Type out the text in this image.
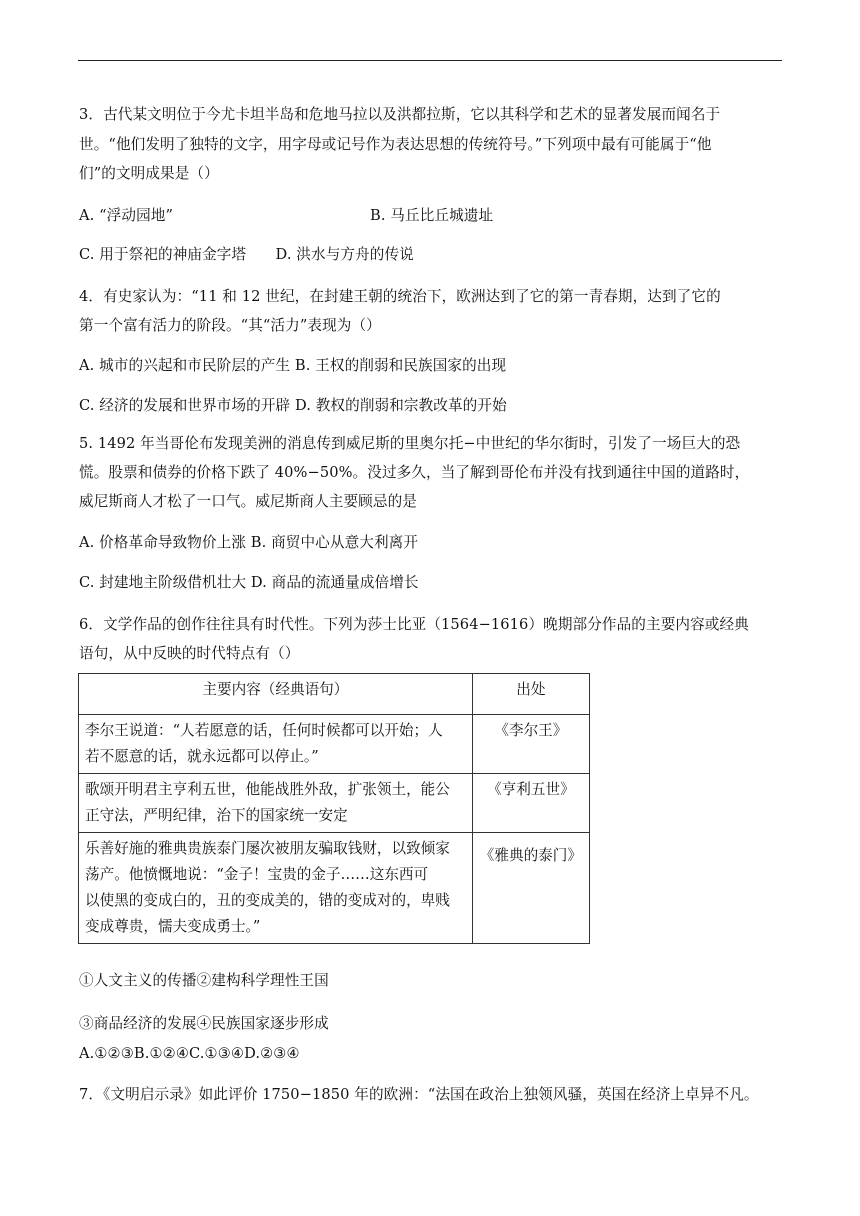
3．古代某文明位于今尤卡坦半岛和危地马拉以及洪都拉斯，它以其科学和艺术的显著发展而闻名于
世。“他们发明了独特的文字，用字母或记号作为表达思想的传统符号。”下列项中最有可能属于“他
们”的文明成果是（）
A. “浮动园地”	B. 马丘比丘城遗址
C. 用于祭祀的神庙金字塔　　D. 洪水与方舟的传说
4．有史家认为：“11 和 12 世纪，在封建王朝的统治下，欧洲达到了它的第一青春期，达到了它的
第一个富有活力的阶段。“其“活力”表现为（）
A. 城市的兴起和市民阶层的产生 B. 王权的削弱和民族国家的出现
C. 经济的发展和世界市场的开辟 D. 教权的削弱和宗教改革的开始
5. 1492 年当哥伦布发现美洲的消息传到威尼斯的里奥尔托−中世纪的华尔街时，引发了一场巨大的恐
慌。股票和债券的价格下跌了 40%−50%。没过多久，当了解到哥伦布并没有找到通往中国的道路时，
威尼斯商人才松了一口气。威尼斯商人主要顾忌的是
A. 价格革命导致物价上涨 B. 商贸中心从意大利离开
C. 封建地主阶级借机壮大 D. 商品的流通量成倍增长
6．文学作品的创作往往具有时代性。下列为莎士比亚（1564−1616）晚期部分作品的主要内容或经典
语句，从中反映的时代特点有（）
主要内容（经典语句）	出处

李尔王说道：“人若愿意的话，任何时候都可以开始；人
若不愿意的话，就永远都可以停止。”	《李尔王》

歌颂开明君主亨利五世，他能战胜外敌，扩张领土，能公
正守法，严明纪律，治下的国家统一安定	《亨利五世》

乐善好施的雅典贵族泰门屡次被朋友骗取钱财，以致倾家
荡产。他愤慨地说：“金子！宝贵的金子……这东西可
以使黑的变成白的，丑的变成美的，错的变成对的，卑贱
变成尊贵，懦夫变成勇士。”	《雅典的泰门》
①人文主义的传播②建构科学理性王国
③商品经济的发展④民族国家逐步形成
A.①②③B.①②④C.①③④D.②③④
7．《文明启示录》如此评价 1750−1850 年的欧洲：“法国在政治上独领风骚，英国在经济上卓异不凡。
